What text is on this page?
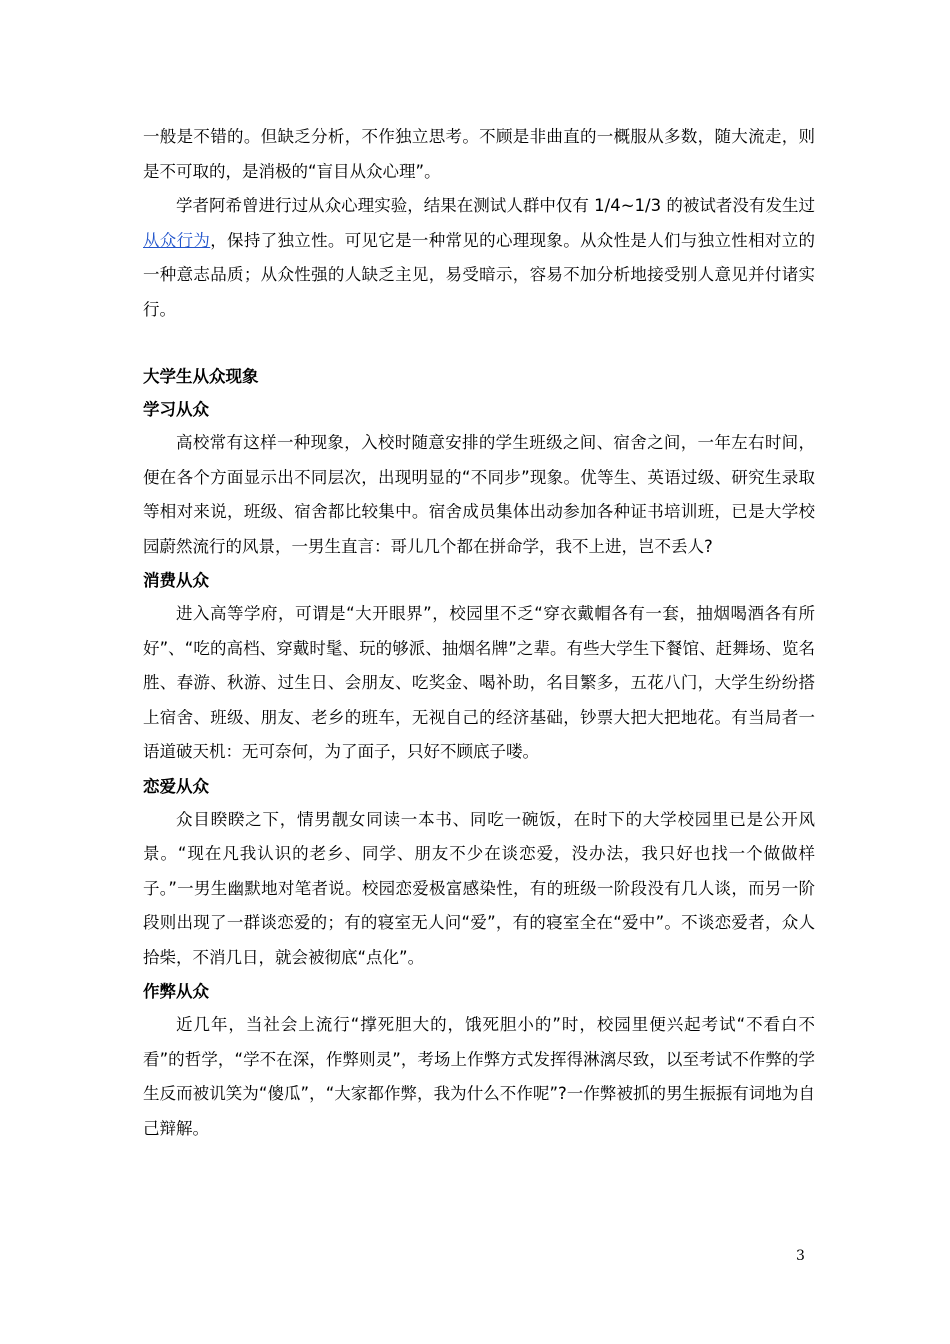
一般是不错的。但缺乏分析，不作独立思考。不顾是非曲直的一概服从多数，随大流走，则是不可取的，是消极的“盲目从众心理”。

学者阿希曾进行过从众心理实验，结果在测试人群中仅有 1/4~1/3 的被试者没有发生过从众行为，保持了独立性。可见它是一种常见的心理现象。从众性是人们与独立性相对立的一种意志品质；从众性强的人缺乏主见，易受暗示，容易不加分析地接受别人意见并付诸实行。

大学生从众现象
学习从众

高校常有这样一种现象，入校时随意安排的学生班级之间、宿舍之间，一年左右时间，便在各个方面显示出不同层次，出现明显的“不同步”现象。优等生、英语过级、研究生录取等相对来说，班级、宿舍都比较集中。宿舍成员集体出动参加各种证书培训班，已是大学校园蔚然流行的风景，一男生直言：哥儿几个都在拼命学，我不上进，岂不丢人?

消费从众

进入高等学府，可谓是“大开眼界”，校园里不乏“穿衣戴帽各有一套，抽烟喝酒各有所好”、“吃的高档、穿戴时髦、玩的够派、抽烟名牌”之辈。有些大学生下餐馆、赶舞场、览名胜、春游、秋游、过生日、会朋友、吃奖金、喝补助，名目繁多，五花八门，大学生纷纷搭上宿舍、班级、朋友、老乡的班车，无视自己的经济基础，钞票大把大把地花。有当局者一语道破天机：无可奈何，为了面子，只好不顾底子喽。

恋爱从众

众目睽睽之下，情男靓女同读一本书、同吃一碗饭，在时下的大学校园里已是公开风景。“现在凡我认识的老乡、同学、朋友不少在谈恋爱，没办法，我只好也找一个做做样子。”一男生幽默地对笔者说。校园恋爱极富感染性，有的班级一阶段没有几人谈，而另一阶段则出现了一群谈恋爱的；有的寝室无人问“爱”，有的寝室全在“爱中”。不谈恋爱者，众人拾柴，不消几日，就会被彻底“点化”。

作弊从众

近几年，当社会上流行“撑死胆大的，饿死胆小的”时，校园里便兴起考试“不看白不看”的哲学，“学不在深，作弊则灵”，考场上作弊方式发挥得淋漓尽致，以至考试不作弊的学生反而被讥笑为“傻瓜”，“大家都作弊，我为什么不作呢”?一作弊被抓的男生振振有词地为自己辩解。

3
